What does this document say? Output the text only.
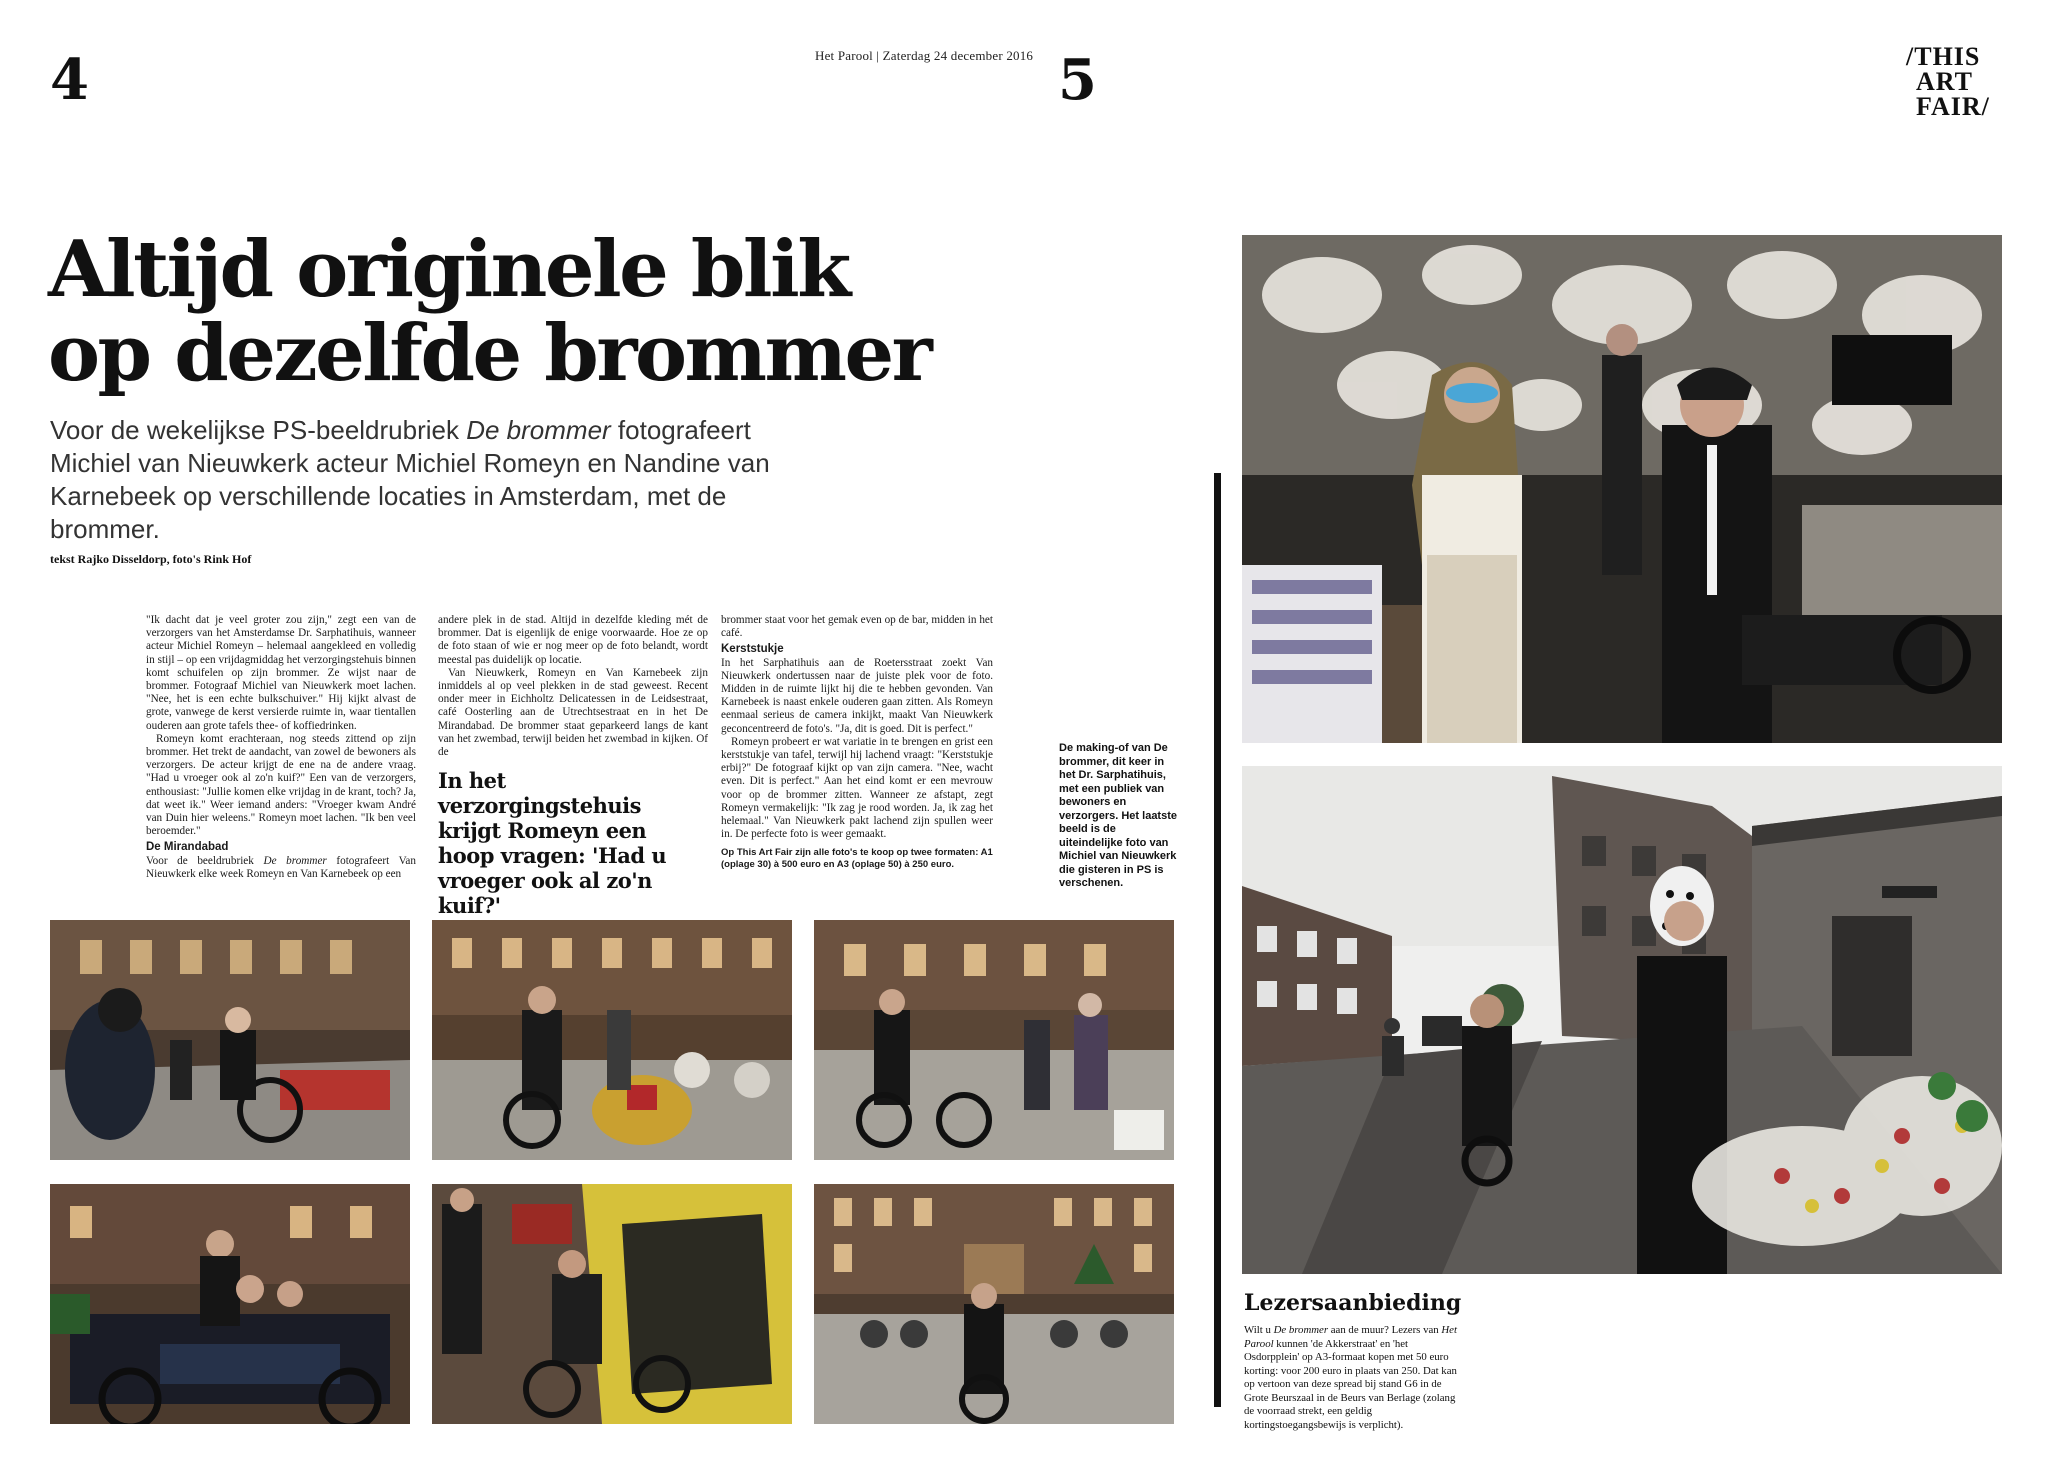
4	Het Parool | Zaterdag 24 december 2016 5	/THIS
ART
FAIR/
Altijd originele blik
op dezelfde brommer
Voor de wekelijkse PS-beeldrubriek De brommer fotografeert Michiel van Nieuwkerk acteur Michiel Romeyn en Nandine van Karnebeek op verschillende locaties in Amsterdam, met de brommer.
tekst Rajko Disseldorp, foto's Rink Hof

"Ik dacht dat je veel groter zou zijn," zegt een van de verzorgers van het Amsterdamse Dr. Sarphatihuis, wanneer acteur Michiel Romeyn – helemaal aangekleed en volledig in stijl – op een vrijdagmiddag het verzorgingstehuis binnen komt schuifelen op zijn brommer. Ze wijst naar de brommer. Fotograaf Michiel van Nieuwkerk moet lachen. "Nee, het is een echte bulkschuiver." Hij kijkt alvast de grote, vanwege de kerst versierde ruimte in, waar tientallen ouderen aan grote tafels thee- of koffiedrinken.

Romeyn komt erachteraan, nog steeds zittend op zijn brommer. Het trekt de aandacht, van zowel de bewoners als verzorgers. De acteur krijgt de ene na de andere vraag. "Had u vroeger ook al zo'n kuif?" Een van de verzorgers, enthousiast: "Jullie komen elke vrijdag in de krant, toch? Ja, dat weet ik." Weer iemand anders: "Vroeger kwam André van Duin hier weleens." Romeyn moet lachen. "Ik ben veel beroemder."

De Mirandabad

Voor de beeldrubriek De brommer fotografeert Van Nieuwkerk elke week Romeyn en Van Karnebeek op een

andere plek in de stad. Altijd in dezelfde kleding mét de brommer. Dat is eigenlijk de enige voorwaarde. Hoe ze op de foto staan of wie er nog meer op de foto belandt, wordt meestal pas duidelijk op locatie.

Van Nieuwkerk, Romeyn en Van Karnebeek zijn inmiddels al op veel plekken in de stad geweest. Recent onder meer in Eichholtz Delicatessen in de Leidsestraat, café Oosterling aan de Utrechtsestraat en in het De Mirandabad. De brommer staat geparkeerd langs de kant van het zwembad, terwijl beiden het zwembad in kijken. Of de

In het verzorgingstehuis krijgt Romeyn een hoop vragen: 'Had u vroeger ook al zo'n kuif?'

brommer staat voor het gemak even op de bar, midden in het café.

Kerststukje

In het Sarphatihuis aan de Roetersstraat zoekt Van Nieuwkerk ondertussen naar de juiste plek voor de foto. Midden in de ruimte lijkt hij die te hebben gevonden. Van Karnebeek is naast enkele ouderen gaan zitten. Als Romeyn eenmaal serieus de camera inkijkt, maakt Van Nieuwkerk geconcentreerd de foto's. "Ja, dit is goed. Dit is perfect."

Romeyn probeert er wat variatie in te brengen en grist een kerststukje van tafel, terwijl hij lachend vraagt: "Kerststukje erbij?" De fotograaf kijkt op van zijn camera. "Nee, wacht even. Dit is perfect." Aan het eind komt er een mevrouw voor op de brommer zitten. Wanneer ze afstapt, zegt Romeyn vermakelijk: "Ik zag je rood worden. Ja, ik zag het helemaal." Van Nieuwkerk pakt lachend zijn spullen weer in. De perfecte foto is weer gemaakt.

Op This Art Fair zijn alle foto's te koop op twee formaten: A1 (oplage 30) à 500 euro en A3 (oplage 50) à 250 euro.

De making-of van De brommer, dit keer in het Dr. Sarphatihuis, met een publiek van bewoners en verzorgers. Het laatste beeld is de uiteindelijke foto van Michiel van Nieuwkerk die gisteren in PS is verschenen.
Lezersaanbieding
Wilt u De brommer aan de muur? Lezers van Het Parool kunnen 'de Akkerstraat' en 'het Osdorpplein' op A3-formaat kopen met 50 euro korting: voor 200 euro in plaats van 250. Dat kan op vertoon van deze spread bij stand G6 in de Grote Beurszaal in de Beurs van Berlage (zolang de voorraad strekt, een geldig kortingstoegangsbewijs is verplicht).
